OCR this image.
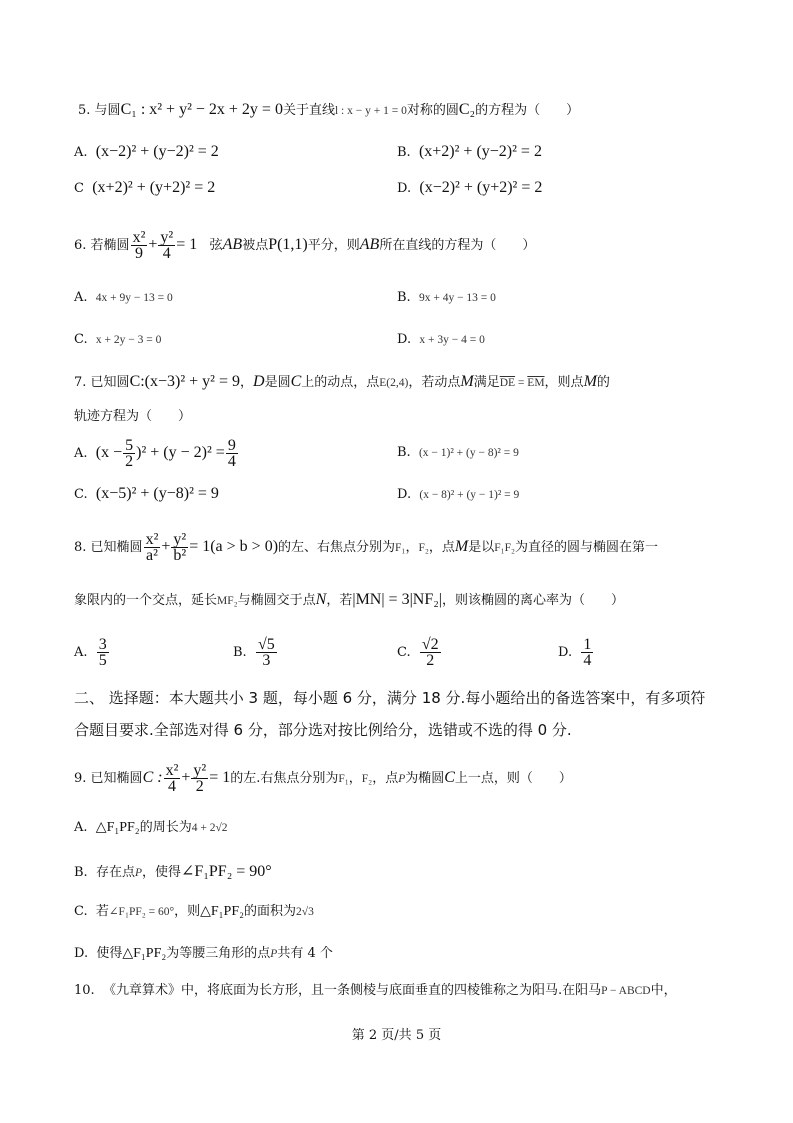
5. 与圆C₁ : x² + y² − 2x + 2y = 0关于直线l : x − y + 1 = 0对称的圆C₂的方程为（　　）
A. (x−2)² + (y−2)² = 2	B. (x+2)² + (y−2)² = 2
C (x+2)² + (y+2)² = 2	D. (x−2)² + (y+2)² = 2
6. 若椭圆 $\frac{\text{x²}}{9} + \frac{\text{y²}}{4} = 1$ 弦AB被点P(1,1)平分，则AB所在直线的方程为（　　）
A. 4x + 9y − 13 = 0	B. 9x + 4y − 13 = 0
C. x + 2y − 3 = 0	D. x + 3y − 4 = 0
7. 已知圆C:(x−3)² + y² = 9，D是圆C上的动点，点E(2,4)，若动点M满足$\overline{DE} = \overline{EM}$，则点M的
轨迹方程为（　　）
A. $(x - \frac{5}{2} )^2 + (y - 2)^2 = \frac{9}{4}$	B. (x − 1)² + (y − 8)² = 9
C. (x−5)² + (y−8)² = 9	D. (x − 8)² + (y − 1)² = 9
8. 已知椭圆 $\frac{\text{x²}}{\text{a²}} + \frac{\text{y²}}{\text{b²}} = 1(a > b > 0)$的左、右焦点分别为F₁，F₂，点M是以F₁F₂为直径的圆与椭圆在第一
象限内的一个交点，延长MF₂与椭圆交于点N，若|MN| = 3|NF₂|，则该椭圆的离心率为（　　）
A. $\frac{3}{5}$	B. $\frac{√5}{3}$	C. $\frac{√2}{2}$	D. $\frac{1}{4}$
二、 选择题：本大题共小 3 题，每小题 6 分，满分 18 分.每小题给出的备选答案中，有多项符
合题目要求.全部选对得 6 分，部分选对按比例给分，选错或不选的得 0 分.
9. 已知椭圆C : $\frac{\text{x²}}{4} + \frac{\text{y²}}{2} = 1$的左.右焦点分别为F₁，F₂，点P为椭圆C上一点，则（　　）
A. △F₁PF₂的周长为4 + 2√2
B. 存在点P，使得∠F₁PF₂ = 90°
C. 若∠F₁PF₂ = 60°，则△F₁PF₂的面积为2√3
D. 使得△F₁PF₂为等腰三角形的点P共有 4 个
10. 《九章算术》中，将底面为长方形，且一条侧棱与底面垂直的四棱锥称之为阳马.在阳马P − ABCD中，
第 2 页/共 5 页
